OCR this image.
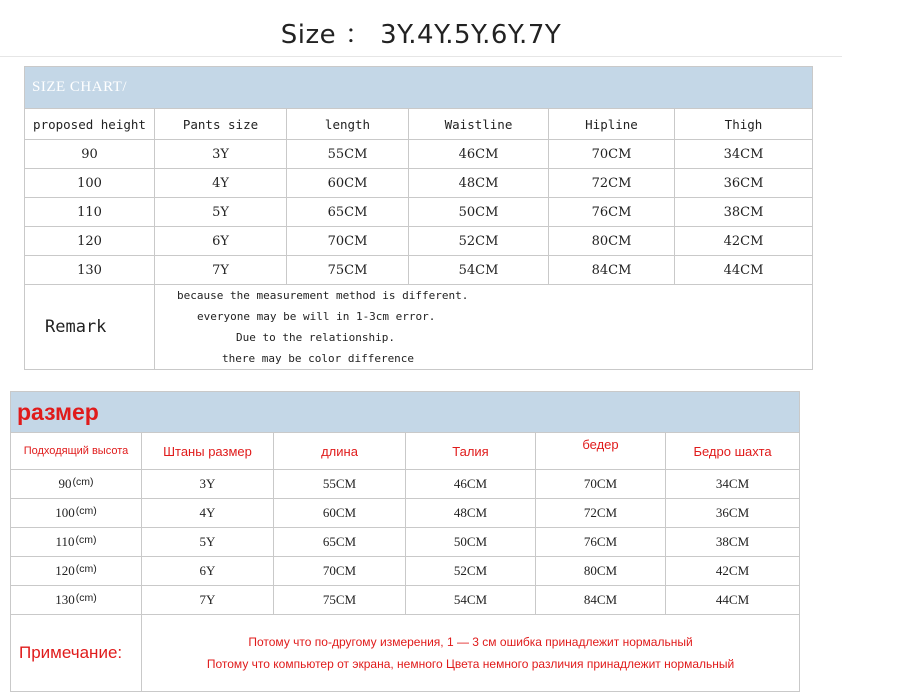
Size ： 3Y.4Y.5Y.6Y.7Y
SIZE CHART/					
proposed height	Pants size	length	Waistline	Hipline	Thigh
90	3Y	55CM	46CM	70CM	34CM
100	4Y	60CM	48CM	72CM	36CM
110	5Y	65CM	50CM	76CM	38CM
120	6Y	70CM	52CM	80CM	42CM
130	7Y	75CM	54CM	84CM	44CM
Remark	because the measurement method is different.
everyone may be will in 1-3cm error.
Due to the relationship.
there may be color difference				
размер					
Подходящий высота	Штаны размер	длина	Талия	бедер	Бедро шахта
$90^{(cm)}$	3Y	55CM	46CM	70CM	34CM
$100^{(cm)}$	4Y	60CM	48CM	72CM	36CM
$110^{(cm)}$	5Y	65CM	50CM	76CM	38CM
$120^{(cm)}$	6Y	70CM	52CM	80CM	42CM
$130^{(cm)}$	7Y	75CM	54CM	84CM	44CM
Примечание:	Потому что по-другому измерения, 1 — 3 см ошибка принадлежит нормальный
Потому что компьютер от экрана, немного Цвета немного различия принадлежит нормальный				
